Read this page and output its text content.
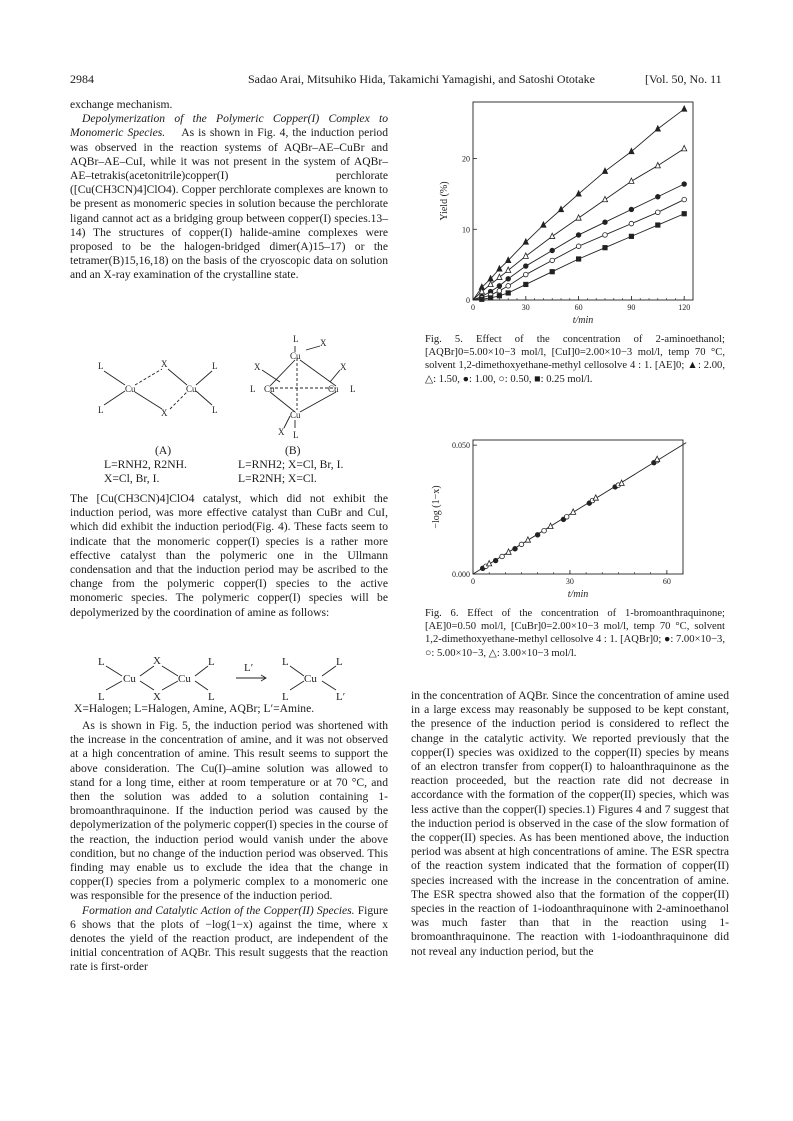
2984	Sadao Arai, Mitsuhiko Hida, Takamichi Yamagishi, and Satoshi Ototake	[Vol. 50, No. 11

exchange mechanism.

Depolymerization of the Polymeric Copper(I) Complex to Monomeric Species. As is shown in Fig. 4, the induction period was observed in the reaction systems of AQBr–AE–CuBr and AQBr–AE–CuI, while it was not present in the system of AQBr–AE–tetrakis(acetonitrile)copper(I) perchlorate ([Cu(CH3CN)4]ClO4). Copper perchlorate complexes are known to be present as monomeric species in solution because the perchlorate ligand cannot act as a bridging group between copper(I) species.13–14) The structures of copper(I) halide-amine complexes were proposed to be the halogen-bridged dimer(A)15–17) or the tetramer(B)15,16,18) on the basis of the cryoscopic data on solution and an X-ray examination of the crystalline state.

L
L
Cu
X
X
Cu
L
L
L
Cu
X
X	X
L Cu	Cu L
Cu
X L
(A)
L=RNH2, R2NH.
X=Cl, Br, I.
(B)
L=RNH2; X=Cl, Br, I.
L=R2NH; X=Cl.

The [Cu(CH3CN)4]ClO4 catalyst, which did not exhibit the induction period, was more effective catalyst than CuBr and CuI, which did exhibit the induction period(Fig. 4). These facts seem to indicate that the monomeric copper(I) species is a rather more effective catalyst than the polymeric one in the Ullmann condensation and that the induction period may be ascribed to the change from the polymeric copper(I) species to the active monomeric species. The polymeric copper(I) species will be depolymerized by the coordination of amine as follows:

L
L
Cu
X
X
Cu
L
L
L′	L
L
Cu
L
L′
X=Halogen; L=Halogen, Amine, AQBr; L′=Amine.

As is shown in Fig. 5, the induction period was shortened with the increase in the concentration of amine, and it was not observed at a high concentration of amine. This result seems to support the above consideration. The Cu(I)–amine solution was allowed to stand for a long time, either at room temperature or at 70 °C, and then the solution was added to a solution containing 1-bromoanthraquinone. If the induction period was caused by the depolymerization of the polymeric copper(I) species in the course of the reaction, the induction period would vanish under the above condition, but no change of the induction period was observed. This finding may enable us to exclude the idea that the change in copper(I) species from a polymeric complex to a monomeric one was responsible for the presence of the induction period.

Formation and Catalytic Action of the Copper(II) Species. Figure 6 shows that the plots of −log(1−x) against the time, where x denotes the yield of the reaction product, are independent of the initial concentration of AQBr. This result suggests that the reaction rate is first-order

0	30	60	90	120
0
10
20
t/min
Yield (%)
Fig. 5. Effect of the concentration of 2-aminoethanol; [AQBr]0=5.00×10−3 mol/l, [CuI]0=2.00×10−3 mol/l, temp 70 °C, solvent 1,2-dimethoxyethane-methyl cellosolve 4 : 1. [AE]0; ▲: 2.00, △: 1.50, ●: 1.00, ○: 0.50, ■: 0.25 mol/l.
0	30	60
0.000
0.050
t/min
−log (1−x)
Fig. 6. Effect of the concentration of 1-bromoanthraquinone; [AE]0=0.50 mol/l, [CuBr]0=2.00×10−3 mol/l, temp 70 °C, solvent 1,2-dimethoxyethane-methyl cellosolve 4 : 1. [AQBr]0; ●: 7.00×10−3, ○: 5.00×10−3, △: 3.00×10−3 mol/l.

in the concentration of AQBr. Since the concentration of amine used in a large excess may reasonably be supposed to be kept constant, the presence of the induction period is considered to reflect the change in the catalytic activity. We reported previously that the copper(I) species was oxidized to the copper(II) species by means of an electron transfer from copper(I) to haloanthraquinone as the reaction proceeded, but the reaction rate did not decrease in accordance with the formation of the copper(II) species, which was less active than the copper(I) species.1) Figures 4 and 7 suggest that the induction period is observed in the case of the slow formation of the copper(II) species. As has been mentioned above, the induction period was absent at high concentrations of amine. The ESR spectra of the reaction system indicated that the formation of copper(II) species increased with the increase in the concentration of amine. The ESR spectra showed also that the formation of the copper(II) species in the reaction of 1-iodoanthraquinone with 2-aminoethanol was much faster than that in the reaction using 1-bromoanthraquinone. The reaction with 1-iodoanthraquinone did not reveal any induction period, but the
